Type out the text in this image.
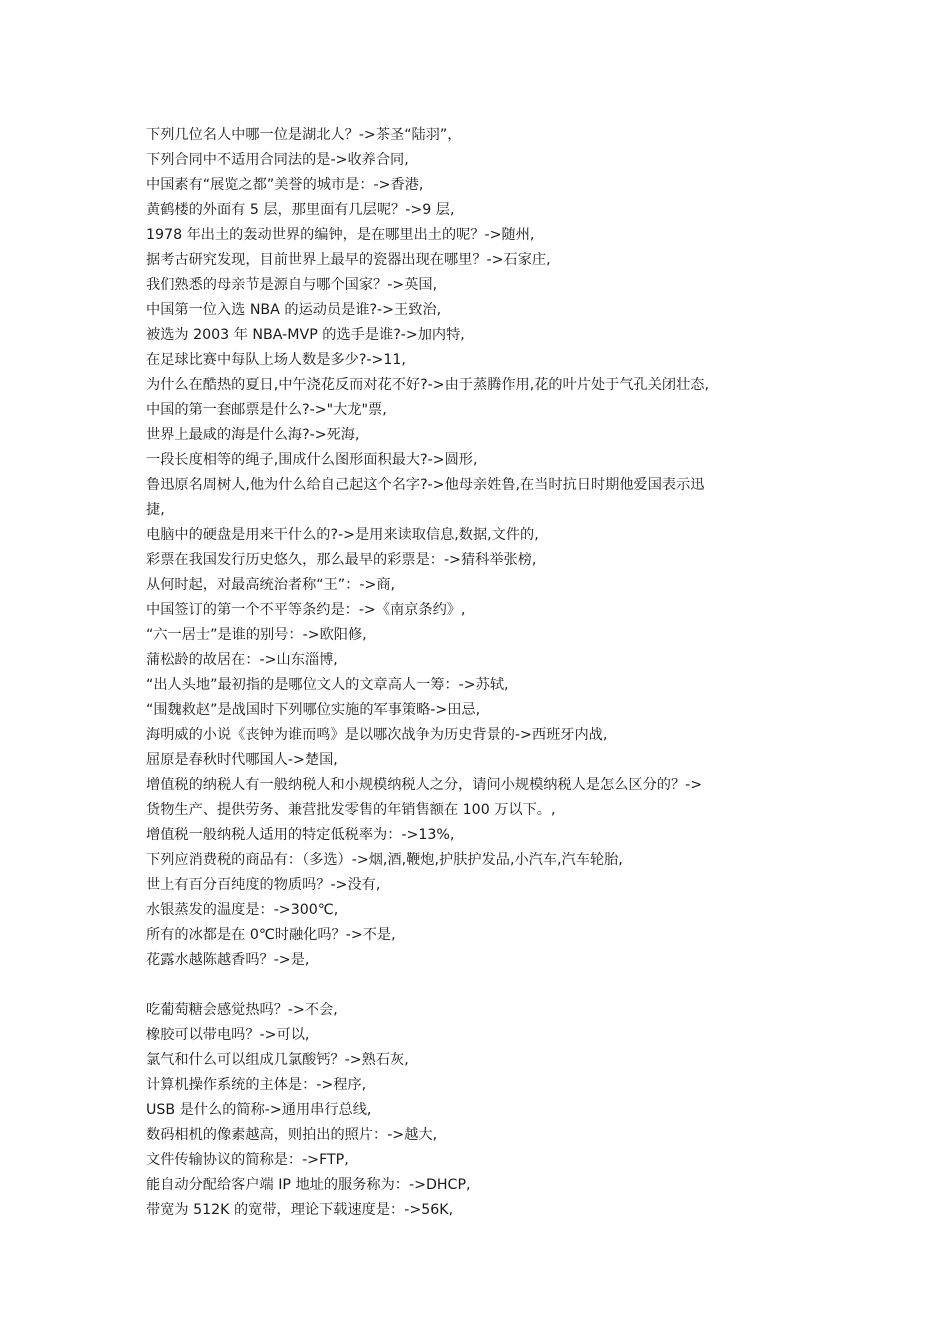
下列几位名人中哪一位是湖北人？->茶圣“陆羽”，
下列合同中不适用合同法的是->收养合同,
中国素有“展览之都”美誉的城市是：->香港,
黄鹤楼的外面有 5 层，那里面有几层呢？->9 层,
1978 年出土的轰动世界的编钟，是在哪里出土的呢？->随州,
据考古研究发现，目前世界上最早的瓷器出现在哪里？->石家庄,
我们熟悉的母亲节是源自与哪个国家？->英国,
中国第一位入选 NBA 的运动员是谁?->王致治,
被选为 2003 年 NBA-MVP 的选手是谁?->加内特,
在足球比赛中每队上场人数是多少?->11,
为什么在酷热的夏日,中午浇花反而对花不好?->由于蒸腾作用,花的叶片处于气孔关闭壮态,
中国的第一套邮票是什么?->"大龙"票,
世界上最咸的海是什么海?->死海,
一段长度相等的绳子,围成什么图形面积最大?->圆形,
鲁迅原名周树人,他为什么给自己起这个名字?->他母亲姓鲁,在当时抗日时期他爱国表示迅
捷,
电脑中的硬盘是用来干什么的?->是用来读取信息,数据,文件的,
彩票在我国发行历史悠久，那么最早的彩票是：->猜科举张榜,
从何时起，对最高统治者称“王”：->商,
中国签订的第一个不平等条约是：->《南京条约》,
“六一居士”是谁的别号：->欧阳修,
蒲松龄的故居在：->山东淄博,
“出人头地”最初指的是哪位文人的文章高人一筹：->苏轼,
“围魏救赵”是战国时下列哪位实施的军事策略->田忌,
海明威的小说《丧钟为谁而鸣》是以哪次战争为历史背景的->西班牙内战,
屈原是春秋时代哪国人->楚国,
增值税的纳税人有一般纳税人和小规模纳税人之分，请问小规模纳税人是怎么区分的？->
货物生产、提供劳务、兼营批发零售的年销售额在 100 万以下。,
增值税一般纳税人适用的特定低税率为：->13%,
下列应消费税的商品有：（多选）->烟,酒,鞭炮,护肤护发品,小汽车,汽车轮胎,
世上有百分百纯度的物质吗？->没有,
水银蒸发的温度是：->300℃,
所有的冰都是在 0℃时融化吗？->不是,
花露水越陈越香吗？->是,
吃葡萄糖会感觉热吗？->不会,
橡胶可以带电吗？->可以,
氯气和什么可以组成几氯酸钙？->熟石灰,
计算机操作系统的主体是：->程序,
USB 是什么的简称->通用串行总线,
数码相机的像素越高，则拍出的照片：->越大,
文件传输协议的简称是：->FTP,
能自动分配给客户端 IP 地址的服务称为：->DHCP,
带宽为 512K 的宽带，理论下载速度是：->56K,
